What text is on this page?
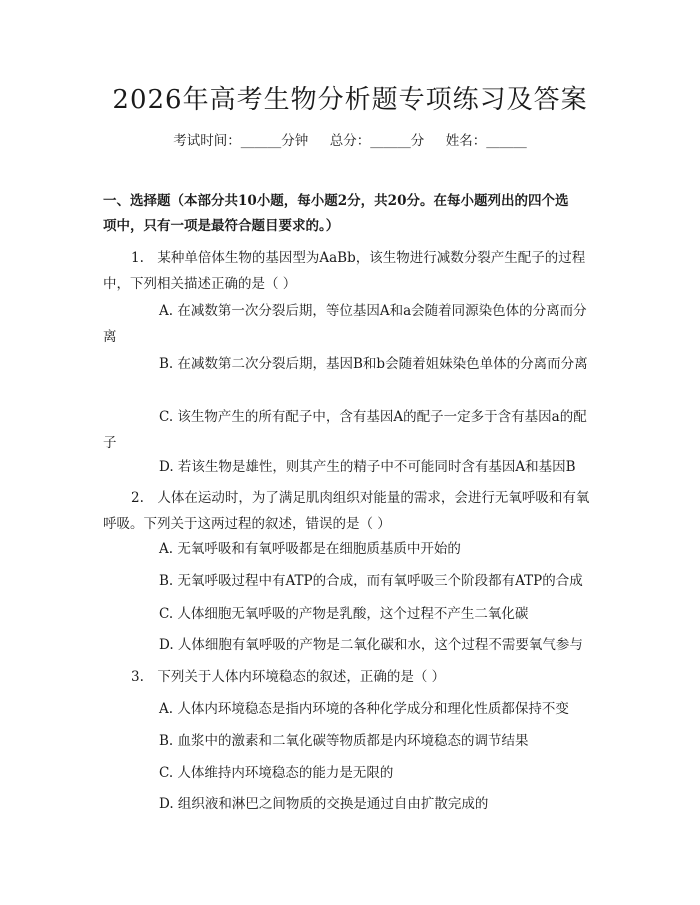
2026年高考生物分析题专项练习及答案
考试时间：______分钟     总分：______分     姓名：______
一、选择题（本部分共10小题，每小题2分，共20分。在每小题列出的四个选
项中，只有一项是最符合题目要求的。）

1.　某种单倍体生物的基因型为AaBb，该生物进行减数分裂产生配子的过程中，下列相关描述正确的是（ ）

A. 在减数第一次分裂后期，等位基因A和a会随着同源染色体的分离而分离

B. 在减数第二次分裂后期，基因B和b会随着姐妹染色单体的分离而分离

C. 该生物产生的所有配子中，含有基因A的配子一定多于含有基因a的配子

D. 若该生物是雄性，则其产生的精子中不可能同时含有基因A和基因B

2.　人体在运动时，为了满足肌肉组织对能量的需求，会进行无氧呼吸和有氧呼吸。下列关于这两过程的叙述，错误的是（ ）

A. 无氧呼吸和有氧呼吸都是在细胞质基质中开始的

B. 无氧呼吸过程中有ATP的合成，而有氧呼吸三个阶段都有ATP的合成

C. 人体细胞无氧呼吸的产物是乳酸，这个过程不产生二氧化碳

D. 人体细胞有氧呼吸的产物是二氧化碳和水，这个过程不需要氧气参与

3.　下列关于人体内环境稳态的叙述，正确的是（ ）

A. 人体内环境稳态是指内环境的各种化学成分和理化性质都保持不变

B. 血浆中的激素和二氧化碳等物质都是内环境稳态的调节结果

C. 人体维持内环境稳态的能力是无限的

D. 组织液和淋巴之间物质的交换是通过自由扩散完成的
